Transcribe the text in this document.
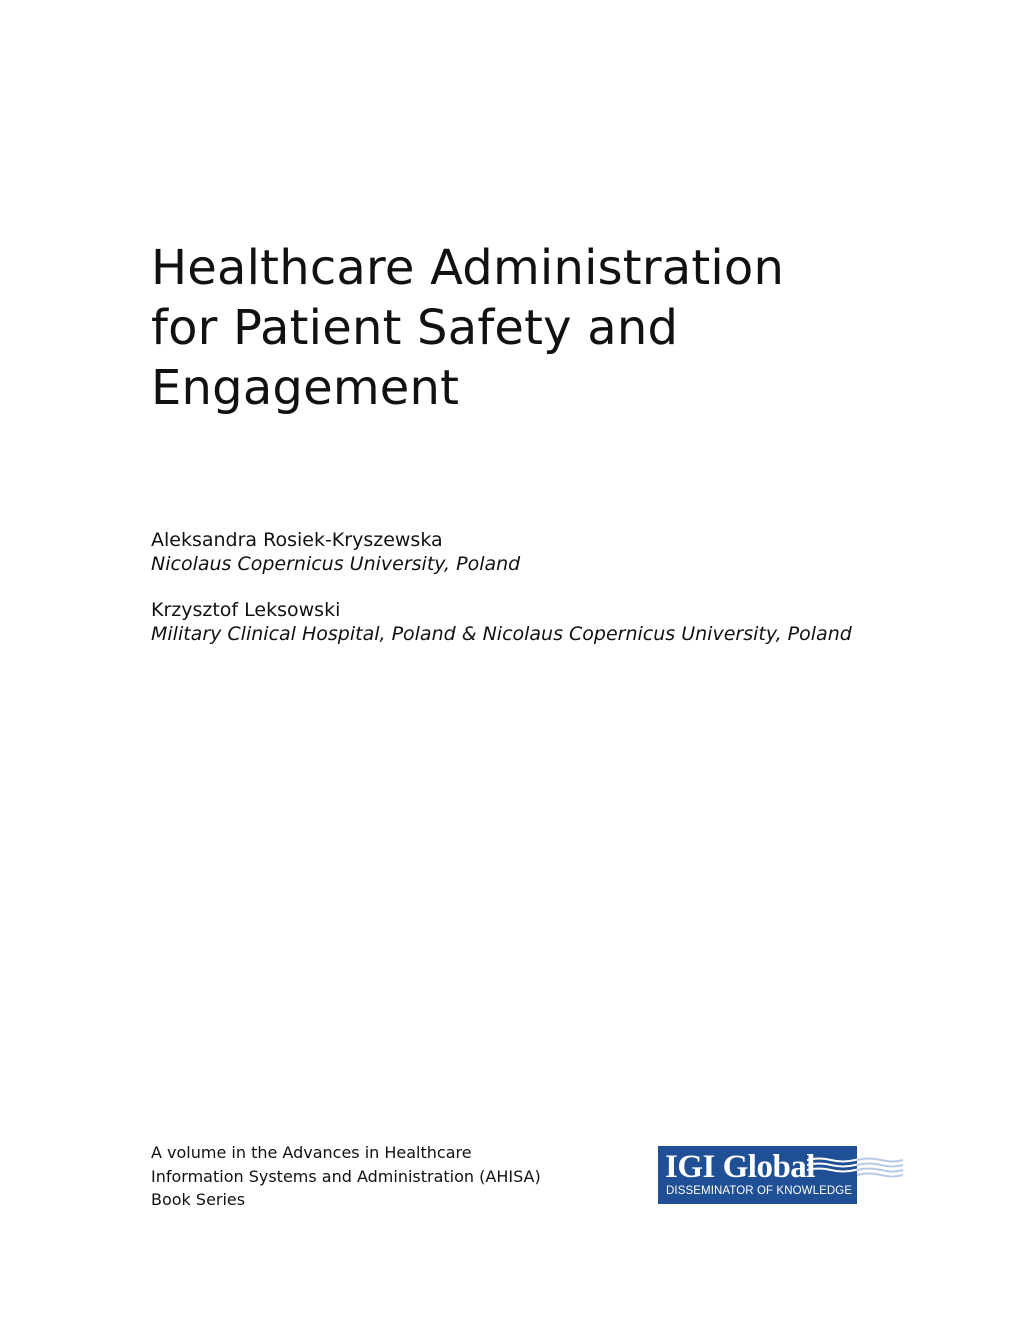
Healthcare Administration
for Patient Safety and
Engagement
Aleksandra Rosiek-Kryszewska
Nicolaus Copernicus University, Poland
Krzysztof Leksowski
Military Clinical Hospital, Poland & Nicolaus Copernicus University, Poland
A volume in the Advances in Healthcare
Information Systems and Administration (AHISA)
Book Series
IGI Global
DISSEMINATOR OF KNOWLEDGE
